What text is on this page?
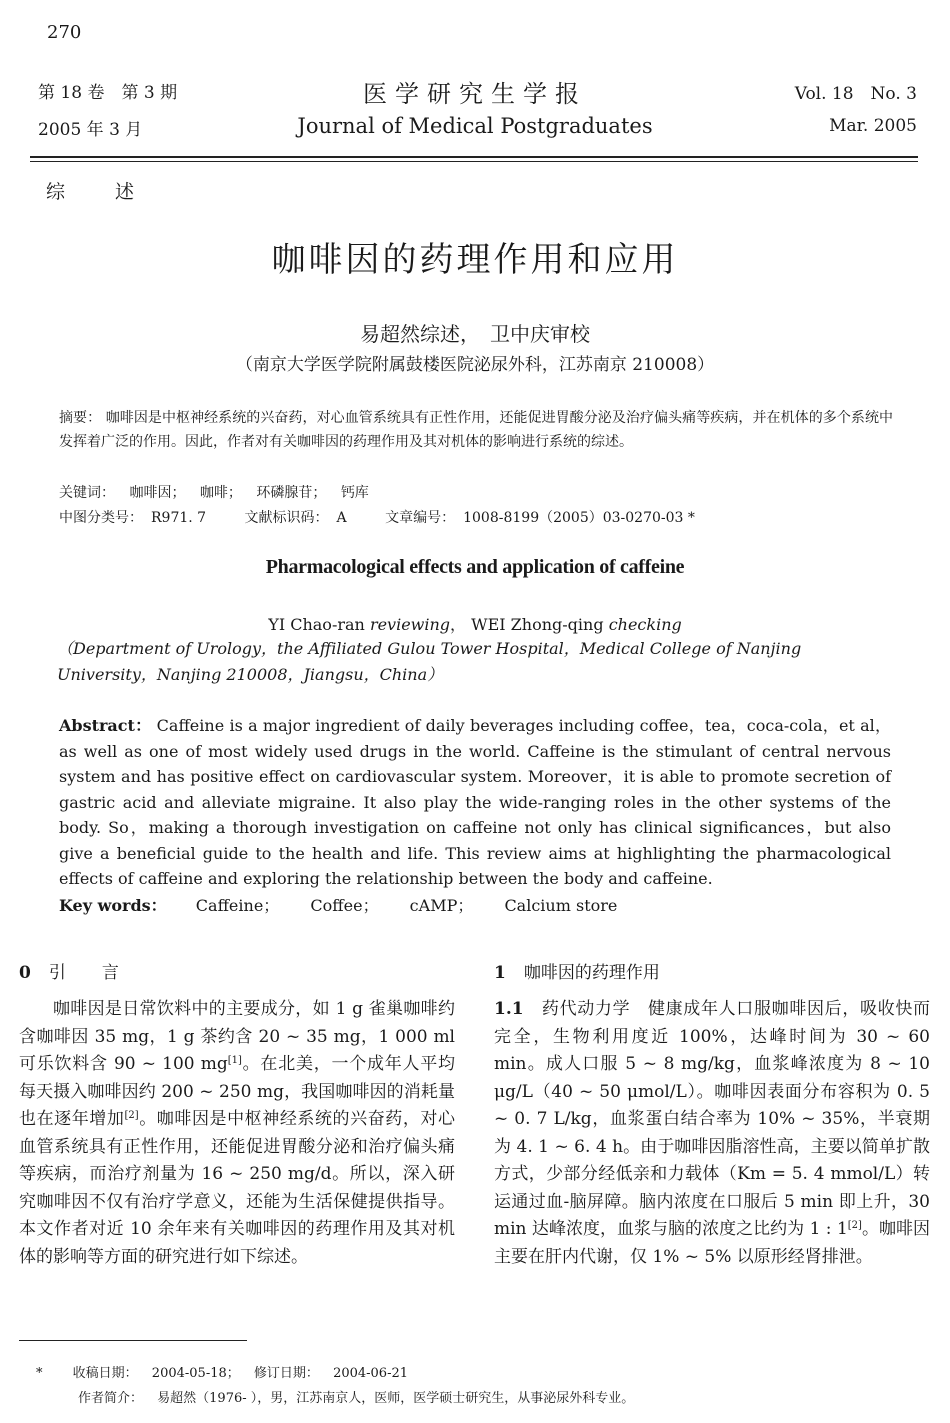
270
第 18 卷　第 3 期
2005 年 3 月
医学研究生学报
Journal of Medical Postgraduates
Vol. 18　No. 3
Mar. 2005
综述
咖啡因的药理作用和应用
易超然综述，　卫中庆审校
（南京大学医学院附属鼓楼医院泌尿外科，江苏南京 210008）

摘要： 咖啡因是中枢神经系统的兴奋药，对心血管系统具有正性作用，还能促进胃酸分泌及治疗偏头痛等疾病，并在机体的多个系统中发挥着广泛的作用。因此，作者对有关咖啡因的药理作用及其对机体的影响进行系统的综述。

关键词： 咖啡因； 咖啡； 环磷腺苷； 钙库
中图分类号： R971. 7	文献标识码： A	文章编号： 1008-8199（2005）03-0270-03 *
Pharmacological effects and application of caffeine
YI Chao-ran reviewing， WEI Zhong-qing checking
（Department of Urology，the Affiliated Gulou Tower Hospital，Medical College of Nanjing University，Nanjing 210008，Jiangsu，China）

Abstract： Caffeine is a major ingredient of daily beverages including coffee，tea，coca-cola，et al，as well as one of most widely used drugs in the world. Caffeine is the stimulant of central nervous system and has positive effect on cardiovascular system. Moreover，it is able to promote secretion of gastric acid and alleviate migraine. It also play the wide-ranging roles in the other systems of the body. So，making a thorough investigation on caffeine not only has clinical significances，but also give a beneficial guide to the health and life. This review aims at highlighting the pharmacological effects of caffeine and exploring the relationship between the body and caffeine.

Key words： Caffeine； Coffee； cAMP； Calcium store
0 引言

咖啡因是日常饮料中的主要成分，如 1 g 雀巢咖啡约含咖啡因 35 mg，1 g 茶约含 20 ~ 35 mg，1 000 ml 可乐饮料含 90 ~ 100 mg[1]。在北美，一个成年人平均每天摄入咖啡因约 200 ~ 250 mg，我国咖啡因的消耗量也在逐年增加[2]。咖啡因是中枢神经系统的兴奋药，对心血管系统具有正性作用，还能促进胃酸分泌和治疗偏头痛等疾病，而治疗剂量为 16 ~ 250 mg/d。所以，深入研究咖啡因不仅有治疗学意义，还能为生活保健提供指导。本文作者对近 10 余年来有关咖啡因的药理作用及其对机体的影响等方面的研究进行如下综述。

1 咖啡因的药理作用

1.1　 药代动力学　 健康成年人口服咖啡因后，吸收快而完全，生物利用度近 100%，达峰时间为 30 ~ 60 min。成人口服 5 ~ 8 mg/kg，血浆峰浓度为 8 ~ 10 μg/L（40 ~ 50 μmol/L）。咖啡因表面分布容积为 0. 5 ~ 0. 7 L/kg，血浆蛋白结合率为 10% ~ 35%，半衰期为 4. 1 ~ 6. 4 h。由于咖啡因脂溶性高，主要以简单扩散方式，少部分经低亲和力载体（Km = 5. 4 mmol/L）转运通过血-脑屏障。脑内浓度在口服后 5 min 即上升，30 min 达峰浓度，血浆与脑的浓度之比约为 1 : 1[2]。咖啡因主要在肝内代谢，仅 1% ~ 5% 以原形经肾排泄。

* 收稿日期： 2004-05-18； 修订日期： 2004-06-21
作者简介： 易超然（1976- ），男，江苏南京人，医师，医学硕士研究生，从事泌尿外科专业。
